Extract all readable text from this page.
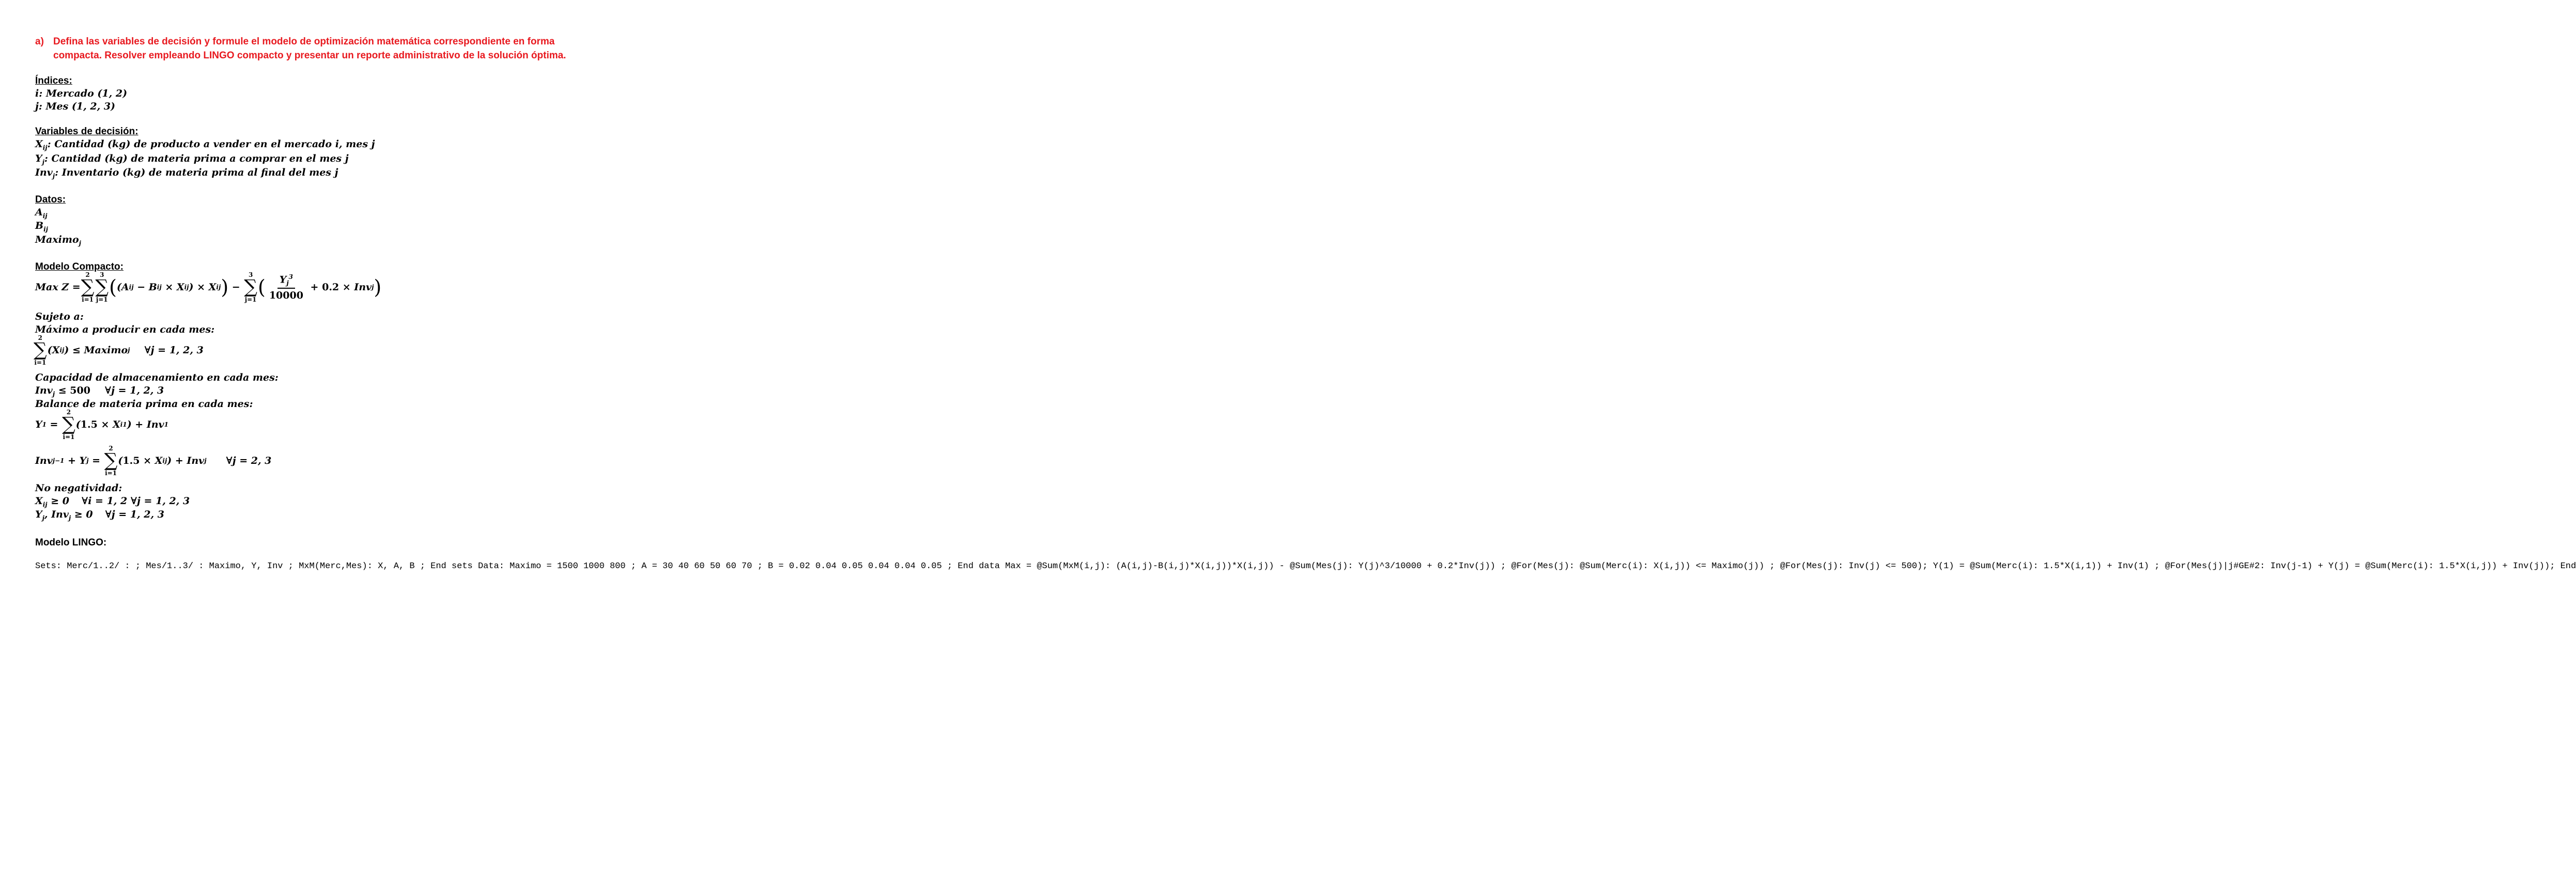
a) Defina las variables de decisión y formule el modelo de optimización matemática correspondiente en forma
compacta. Resolver empleando LINGO compacto y presentar un reporte administrativo de la solución óptima.
Índices:
i: Mercado (1, 2)
j: Mes (1, 2, 3)
Variables de decisión:
$X_{ij}$: Cantidad (kg) de producto a vender en el mercado i, mes j
$Y_j$: Cantidad (kg) de materia prima a comprar en el mes j
Inv$_j$: Inventario (kg) de materia prima al final del mes j
Datos:
$A_{ij}$
$B_{ij}$
Maximo$_j$
Modelo Compacto:
Max Z =
2
∑
i=1
3
∑
j=1
( (A ij − B ij × X ij ) × X ij ) −
3
∑
j=1
( $\frac{Y_j^3}{10000} + 0.2$ × Inv j )
Sujeto a:
Máximo a producir en cada mes:
2
∑
i=1
(X ij ) ≤ Maximo j ∀j = 1, 2, 3
Capacidad de almacenamiento en cada mes:
Inv$_j$ ≤ 500 ∀j = 1, 2, 3
Balance de materia prima en cada mes:
Y 1 =
2
∑
i=1
( 1.5 × X i1 ) + Inv 1
Inv j−1 + Y j =
2
∑
i=1
( 1.5 × X ij ) + Inv j ∀j = 2, 3
No negatividad:
$X_{ij} \ge 0$ ∀i = 1, 2 ∀j = 1, 2, 3
$Y_j$, Inv$_j$ ≥ 0 ∀j = 1, 2, 3
Modelo LINGO:
Sets: Merc/1..2/ : ; Mes/1..3/ : Maximo, Y, Inv ; MxM(Merc,Mes): X, A, B ; End sets Data: Maximo = 1500 1000 800 ; A = 30 40 60 50 60 70 ; B = 0.02 0.04 0.05 0.04 0.04 0.05 ; End data Max = @Sum(MxM(i,j): (A(i,j)-B(i,j)*X(i,j))*X(i,j)) - @Sum(Mes(j): Y(j)^3/10000 + 0.2*Inv(j)) ; @For(Mes(j): @Sum(Merc(i): X(i,j)) <= Maximo(j)) ; @For(Mes(j): Inv(j) <= 500); Y(1) = @Sum(Merc(i): 1.5*X(i,1)) + Inv(1) ; @For(Mes(j)|j#GE#2: Inv(j-1) + Y(j) = @Sum(Merc(i): 1.5*X(i,j)) + Inv(j)); End
